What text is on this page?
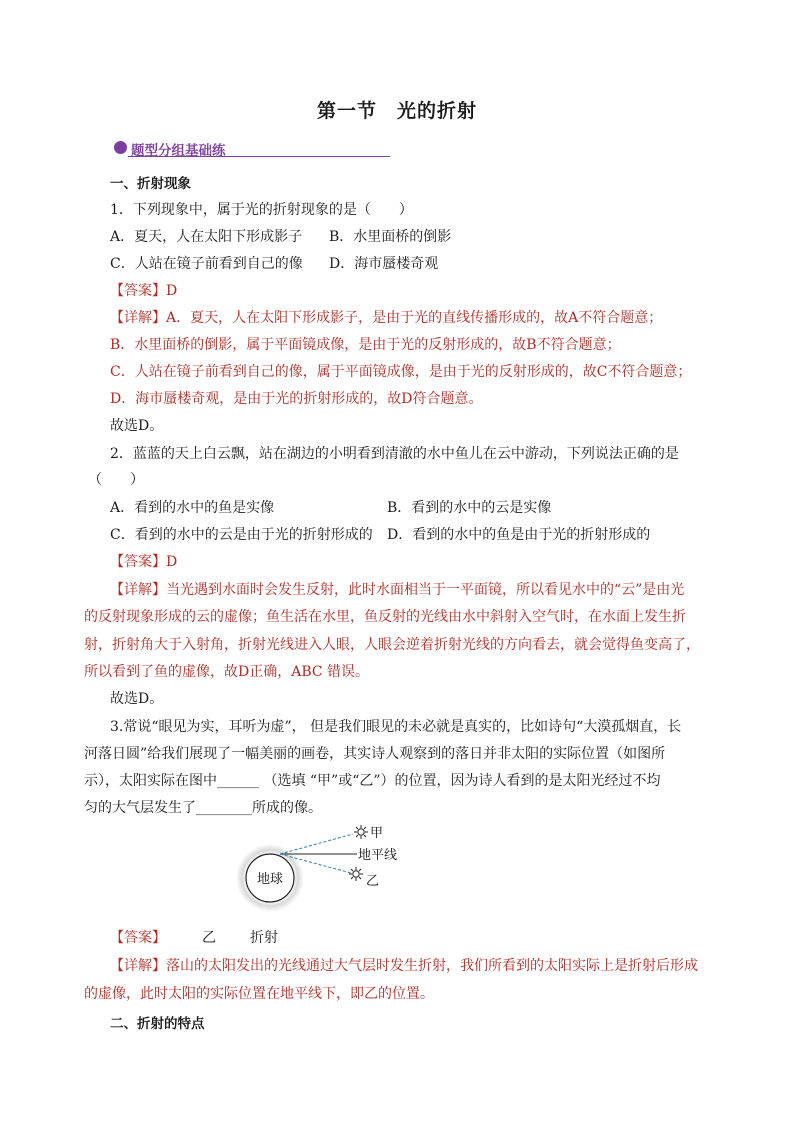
第一节　光的折射
题型分组基础练
一、折射现象
1．下列现象中，属于光的折射现象的是（　　）
A．夏天，人在太阳下形成影子 B．水里面桥的倒影
C．人站在镜子前看到自己的像 D．海市蜃楼奇观
【答案】D
【详解】A．夏天，人在太阳下形成影子，是由于光的直线传播形成的，故A不符合题意；
B．水里面桥的倒影，属于平面镜成像，是由于光的反射形成的，故B不符合题意；
C．人站在镜子前看到自己的像，属于平面镜成像，是由于光的反射形成的，故C不符合题意；
D．海市蜃楼奇观，是由于光的折射形成的，故D符合题意。
故选D。
2．蓝蓝的天上白云飘，站在湖边的小明看到清澈的水中鱼儿在云中游动，下列说法正确的是
（　　）
A．看到的水中的鱼是实像	B．看到的水中的云是实像
C．看到的水中的云是由于光的折射形成的 D．看到的水中的鱼是由于光的折射形成的
【答案】D
【详解】当光遇到水面时会发生反射，此时水面相当于一平面镜，所以看见水中的“云”是由光
的反射现象形成的云的虚像；鱼生活在水里，鱼反射的光线由水中斜射入空气时，在水面上发生折
射，折射角大于入射角，折射光线进入人眼，人眼会逆着折射光线的方向看去，就会觉得鱼变高了，
所以看到了鱼的虚像，故D正确，ABC 错误。
故选D。
3.常说“眼见为实，耳听为虚”， 但是我们眼见的未必就是真实的，比如诗句“大漠孤烟直，长
河落日圆”给我们展现了一幅美丽的画卷，其实诗人观察到的落日并非太阳的实际位置（如图所
示），太阳实际在图中______ （选填 “甲”或“乙”）的位置，因为诗人看到的是太阳光经过不均
匀的大气层发生了________所成的像。
地球
甲
地平线
乙
【答案】	乙 折射
【详解】落山的太阳发出的光线通过大气层时发生折射，我们所看到的太阳实际上是折射后形成
的虚像，此时太阳的实际位置在地平线下，即乙的位置。
二、折射的特点
